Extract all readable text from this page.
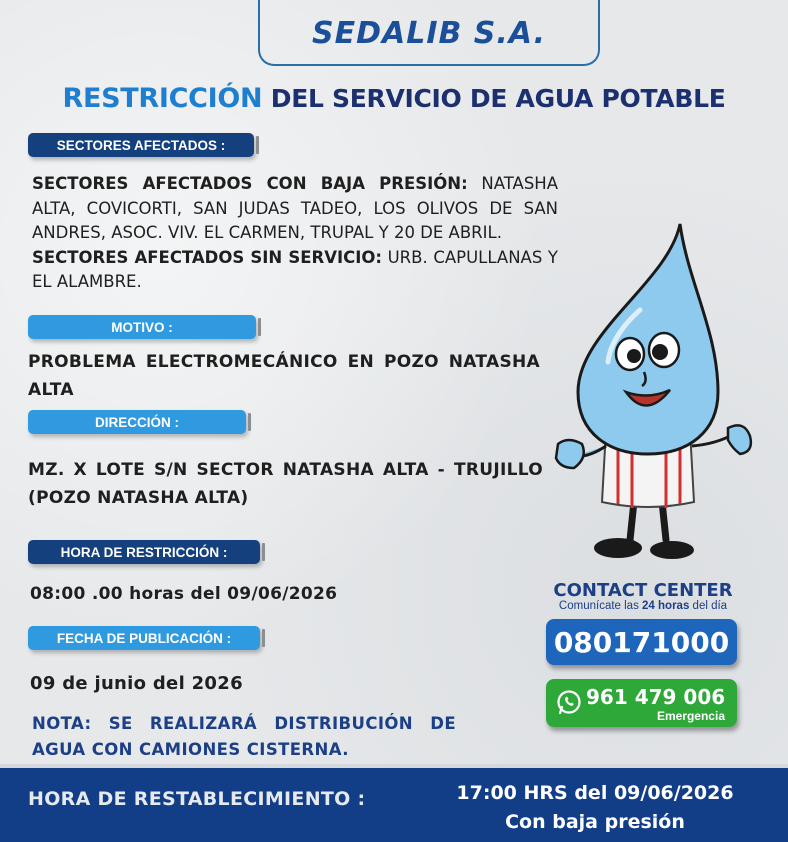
SEDALIB S.A.
RESTRICCIÓN DEL SERVICIO DE AGUA POTABLE
SECTORES AFECTADOS :
SECTORES AFECTADOS CON BAJA PRESIÓN: NATASHA ALTA, COVICORTI, SAN JUDAS TADEO, LOS OLIVOS DE SAN ANDRES, ASOC. VIV. EL CARMEN, TRUPAL Y 20 DE ABRIL.
SECTORES AFECTADOS SIN SERVICIO: URB. CAPULLANAS Y EL ALAMBRE.
MOTIVO :
PROBLEMA ELECTROMECÁNICO EN POZO NATASHA ALTA
DIRECCIÓN :
MZ. X LOTE S/N SECTOR NATASHA ALTA - TRUJILLO (POZO NATASHA ALTA)
HORA DE RESTRICCIÓN :
08:00 .00 horas del 09/06/2026
FECHA DE PUBLICACIÓN :
09 de junio del 2026
NOTA: SE REALIZARÁ DISTRIBUCIÓN DE AGUA CON CAMIONES CISTERNA.
CONTACT CENTER
Comunícate las 24 horas del día
080171000
961 479 006
Emergencia
HORA DE RESTABLECIMIENTO :	17:00 HRS del 09/06/2026
Con baja presión
